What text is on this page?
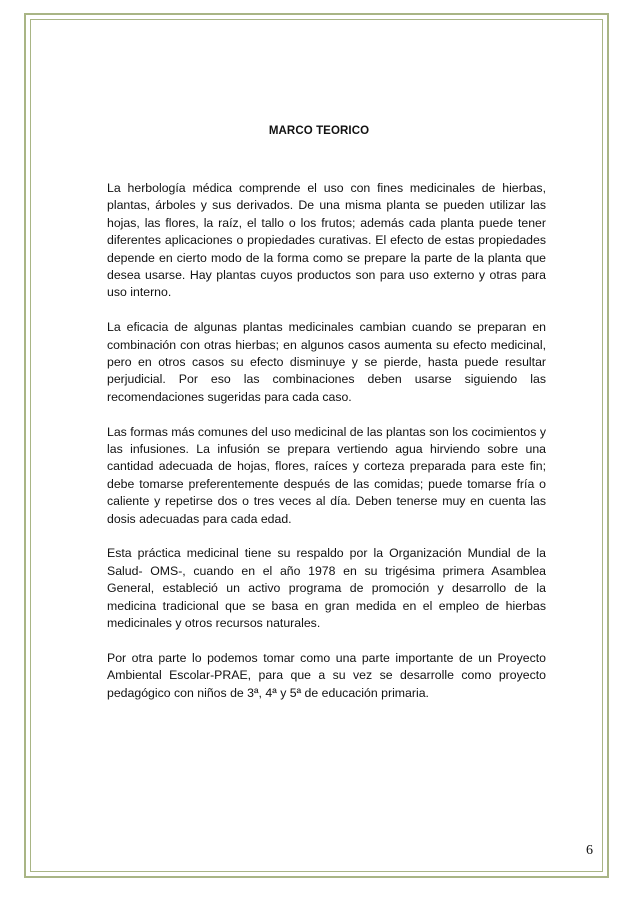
MARCO TEORICO

La herbología médica comprende el uso con fines medicinales de hierbas, plantas, árboles y sus derivados. De una misma planta se pueden utilizar las hojas, las flores, la raíz, el tallo o los frutos; además cada planta puede tener diferentes aplicaciones o propiedades curativas. El efecto de estas propiedades depende en cierto modo de la forma como se prepare la parte de la planta que desea usarse. Hay plantas cuyos productos son para uso externo y otras para uso interno.

La eficacia de algunas plantas medicinales cambian cuando se preparan en combinación con otras hierbas; en algunos casos aumenta su efecto medicinal, pero en otros casos su efecto disminuye y se pierde, hasta puede resultar perjudicial. Por eso las combinaciones deben usarse siguiendo las recomendaciones sugeridas para cada caso.

Las formas más comunes del uso medicinal de las plantas son los cocimientos y las infusiones. La infusión se prepara vertiendo agua hirviendo sobre una cantidad adecuada de hojas, flores, raíces y corteza preparada para este fin; debe tomarse preferentemente después de las comidas; puede tomarse fría o caliente y repetirse dos o tres veces al día. Deben tenerse muy en cuenta las dosis adecuadas para cada edad.

Esta práctica medicinal tiene su respaldo por la Organización Mundial de la Salud- OMS-, cuando en el año 1978 en su trigésima primera Asamblea General, estableció un activo programa de promoción y desarrollo de la medicina tradicional que se basa en gran medida en el empleo de hierbas medicinales y otros recursos naturales.

Por otra parte lo podemos tomar como una parte importante de un Proyecto Ambiental Escolar-PRAE, para que a su vez se desarrolle como proyecto pedagógico con niños de 3ª, 4ª y 5ª de educación primaria.

6
